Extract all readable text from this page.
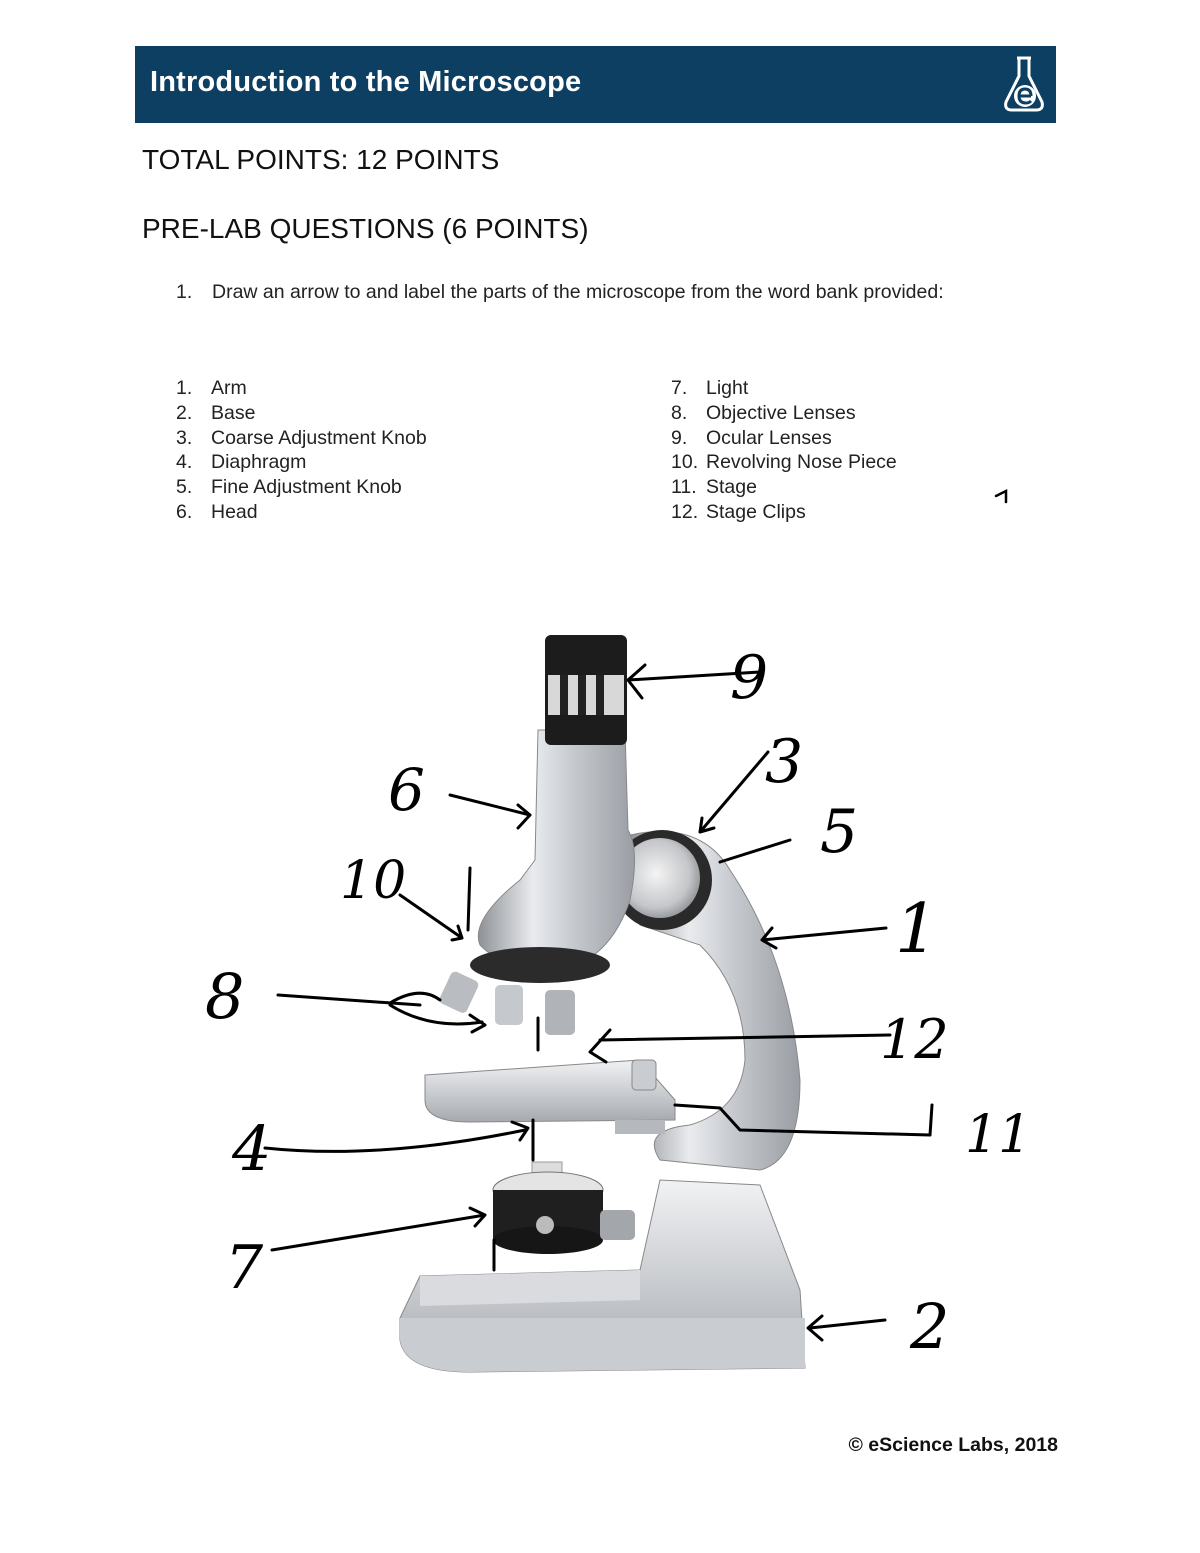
Introduction to the Microscope
TOTAL POINTS: 12 POINTS
PRE-LAB QUESTIONS (6 POINTS)
1. Draw an arrow to and label the parts of the microscope from the word bank provided:
1. Arm
2. Base
3. Coarse Adjustment Knob
4. Diaphragm
5. Fine Adjustment Knob
6. Head
7. Light
8. Objective Lenses
9. Ocular Lenses
10. Revolving Nose Piece
11. Stage
12. Stage Clips
9
3
6
5
10
1
8
12
4	11
7
2
© eScience Labs, 2018
